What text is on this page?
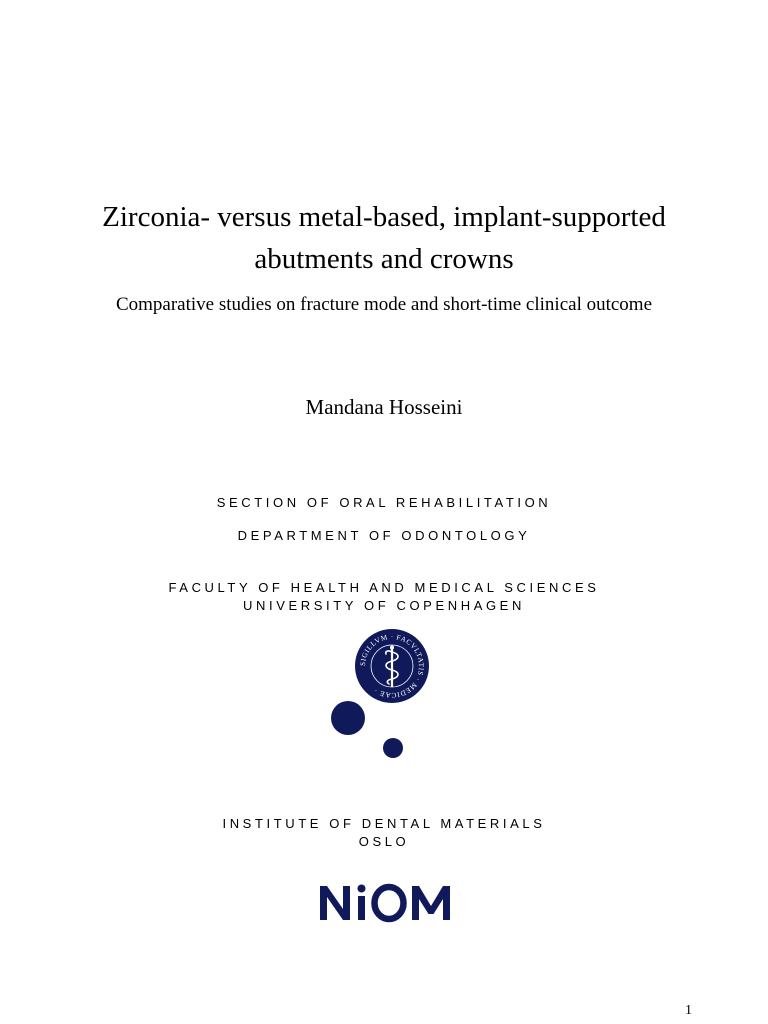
Zirconia- versus metal-based, implant-supported
abutments and crowns

Comparative studies on fracture mode and short-time clinical outcome

Mandana Hosseini

SECTION OF ORAL REHABILITATION

DEPARTMENT OF ODONTOLOGY

FACULTY OF HEALTH AND MEDICAL SCIENCES

UNIVERSITY OF COPENHAGEN

SIGILLVM · FACVLTATIS · MEDICAE ·

INSTITUTE OF DENTAL MATERIALS

OSLO

1
